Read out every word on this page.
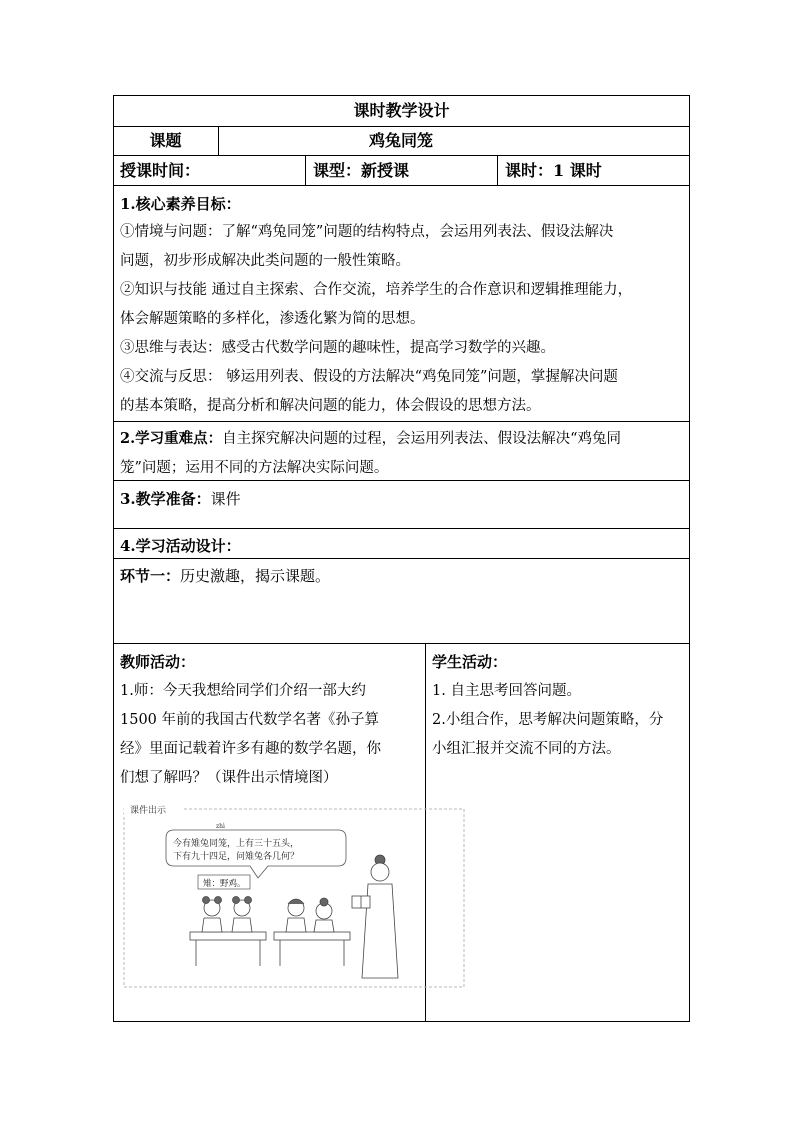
课时教学设计
课题	鸡兔同笼
授课时间：	课型：新授课	课时：1 课时
1.核心素养目标：
①情境与问题：了解“鸡兔同笼”问题的结构特点，会运用列表法、假设法解决
问题，初步形成解决此类问题的一般性策略。
②知识与技能 通过自主探索、合作交流，培养学生的合作意识和逻辑推理能力，
体会解题策略的多样化，渗透化繁为简的思想。
③思维与表达：感受古代数学问题的趣味性，提高学习数学的兴趣。
④交流与反思： 够运用列表、假设的方法解决“鸡兔同笼”问题，掌握解决问题
的基本策略，提高分析和解决问题的能力，体会假设的思想方法。
2.学习重难点：自主探究解决问题的过程，会运用列表法、假设法解决“鸡兔同
笼”问题；运用不同的方法解决实际问题。
3.教学准备：课件
4.学习活动设计：
环节一：历史激趣，揭示课题。
教师活动：
1.师：今天我想给同学们介绍一部大约
1500 年前的我国古代数学名著《孙子算
经》里面记载着许多有趣的数学名题，你
们想了解吗？（课件出示情境图）
学生活动：
1. 自主思考回答问题。
2.小组合作，思考解决问题策略，分
小组汇报并交流不同的方法。
课件出示
zhì
今有雉兔同笼，上有三十五头，
下有九十四足，问雉兔各几何？
雉：野鸡。
